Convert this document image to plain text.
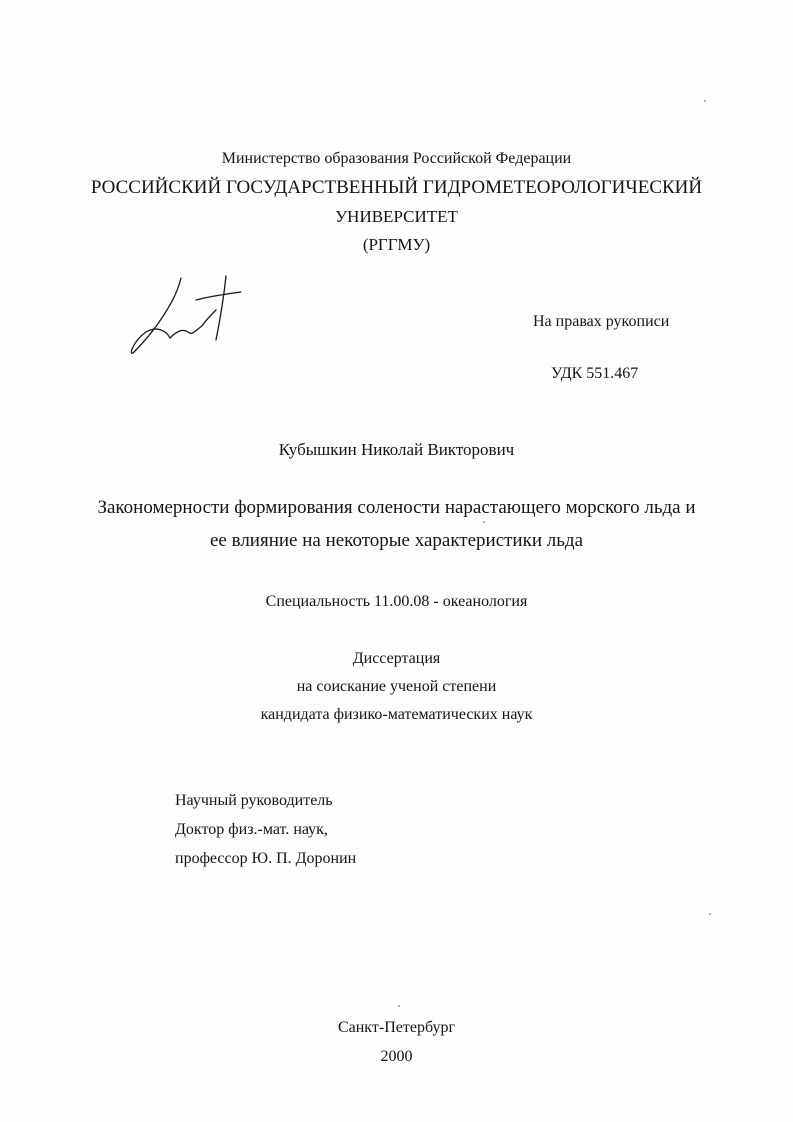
Министерство образования Российской Федерации
РОССИЙСКИЙ ГОСУДАРСТВЕННЫЙ ГИДРОМЕТЕОРОЛОГИЧЕСКИЙ
УНИВЕРСИТЕТ
(РГГМУ)
На правах рукописи
УДК 551.467
Кубышкин Николай Викторович
Закономерности формирования солености нарастающего морского льда и
ее влияние на некоторые характеристики льда
Специальность 11.00.08 - океанология
Диссертация
на соискание ученой степени
кандидата физико-математических наук
Научный руководитель
Доктор физ.-мат. наук,
профессор Ю. П. Доронин
Санкт-Петербург
2000
